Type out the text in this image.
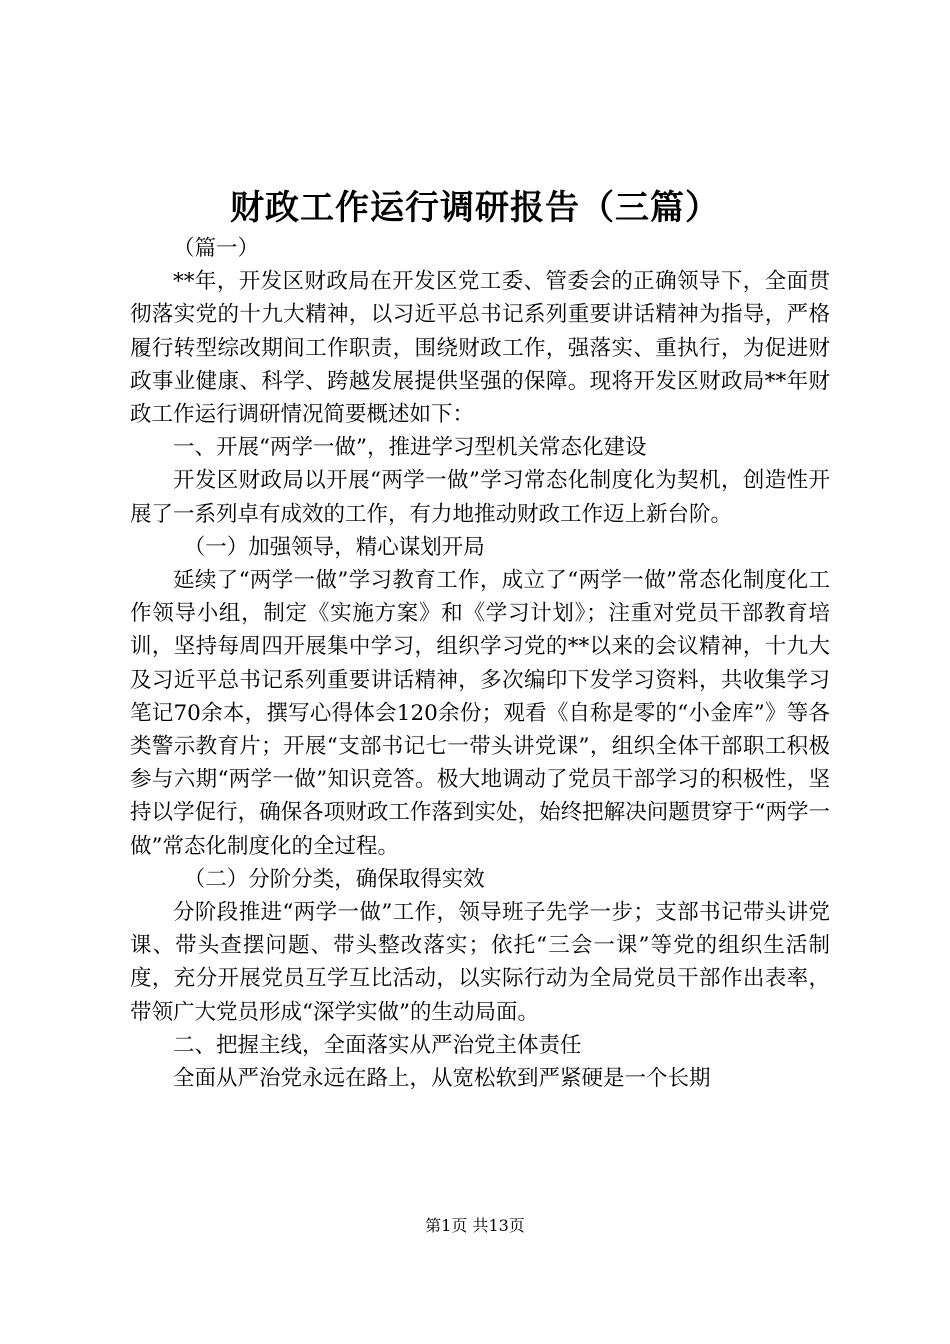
财政工作运行调研报告（三篇）

（篇一）

**年，开发区财政局在开发区党工委、管委会的正确领导下，全面贯彻落实党的十九大精神，以习近平总书记系列重要讲话精神为指导，严格履行转型综改期间工作职责，围绕财政工作，强落实、重执行，为促进财政事业健康、科学、跨越发展提供坚强的保障。现将开发区财政局**年财政工作运行调研情况简要概述如下：

一、开展“两学一做”，推进学习型机关常态化建设

开发区财政局以开展“两学一做”学习常态化制度化为契机，创造性开展了一系列卓有成效的工作，有力地推动财政工作迈上新台阶。

（一）加强领导，精心谋划开局

延续了“两学一做”学习教育工作，成立了“两学一做”常态化制度化工作领导小组，制定《实施方案》和《学习计划》；注重对党员干部教育培训，坚持每周四开展集中学习，组织学习党的**以来的会议精神，十九大及习近平总书记系列重要讲话精神，多次编印下发学习资料，共收集学习笔记70余本，撰写心得体会120余份；观看《自称是零的“小金库”》等各类警示教育片；开展“支部书记七一带头讲党课”，组织全体干部职工积极参与六期“两学一做”知识竞答。极大地调动了党员干部学习的积极性，坚持以学促行，确保各项财政工作落到实处，始终把解决问题贯穿于“两学一做”常态化制度化的全过程。

（二）分阶分类，确保取得实效

分阶段推进“两学一做”工作，领导班子先学一步；支部书记带头讲党课、带头查摆问题、带头整改落实；依托“三会一课”等党的组织生活制度，充分开展党员互学互比活动，以实际行动为全局党员干部作出表率，带领广大党员形成“深学实做”的生动局面。

二、把握主线，全面落实从严治党主体责任

全面从严治党永远在路上，从宽松软到严紧硬是一个长期

第1页 共13页
